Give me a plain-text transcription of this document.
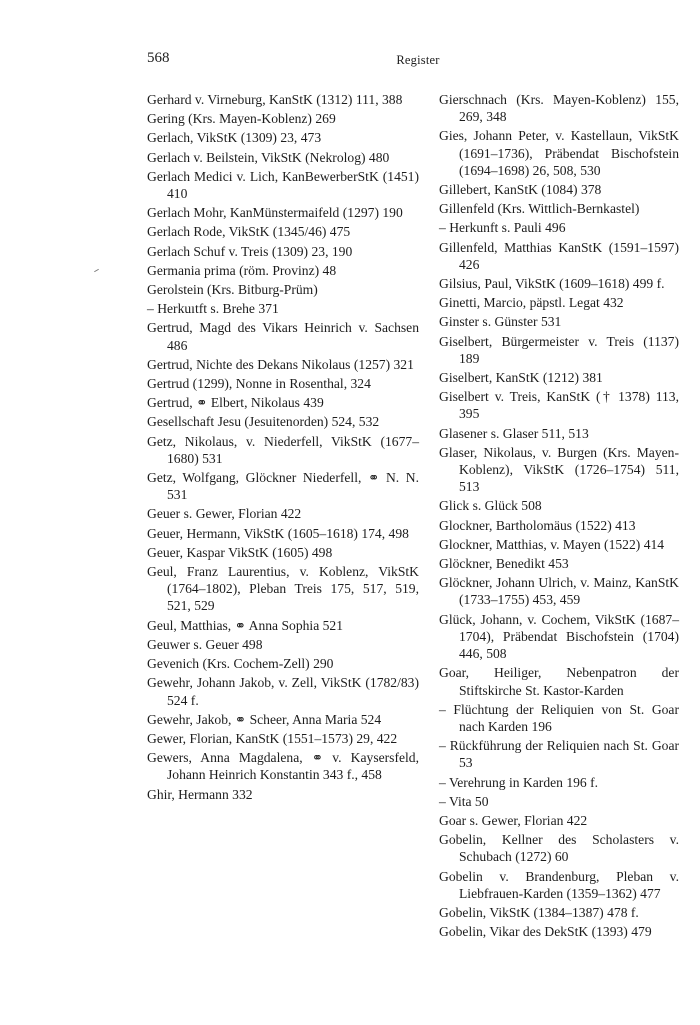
568	Register

Gerhard v. Virneburg, KanStK (1312) 111, 388

Gering (Krs. Mayen-Koblenz) 269

Gerlach, VikStK (1309) 23, 473

Gerlach v. Beilstein, VikStK (Nekrolog) 480

Gerlach Medici v. Lich, KanBewerberStK (1451) 410

Gerlach Mohr, KanMünstermaifeld (1297) 190

Gerlach Rode, VikStK (1345/46) 475

Gerlach Schuf v. Treis (1309) 23, 190

Germania prima (röm. Provinz) 48

Gerolstein (Krs. Bitburg-Prüm)

– Herkuıtft s. Brehe 371

Gertrud, Magd des Vikars Heinrich v. Sachsen 486

Gertrud, Nichte des Dekans Nikolaus (1257) 321

Gertrud (1299), Nonne in Rosenthal, 324

Gertrud, ⚭ Elbert, Nikolaus 439

Gesellschaft Jesu (Jesuitenorden) 524, 532

Getz, Nikolaus, v. Niederfell, VikStK (1677–1680) 531

Getz, Wolfgang, Glöckner Niederfell, ⚭ N. N. 531

Geuer s. Gewer, Florian 422

Geuer, Hermann, VikStK (1605–1618) 174, 498

Geuer, Kaspar VikStK (1605) 498

Geul, Franz Laurentius, v. Koblenz, VikStK (1764–1802), Pleban Treis 175, 517, 519, 521, 529

Geul, Matthias, ⚭ Anna Sophia 521

Geuwer s. Geuer 498

Gevenich (Krs. Cochem-Zell) 290

Gewehr, Johann Jakob, v. Zell, VikStK (1782/83) 524 f.

Gewehr, Jakob, ⚭ Scheer, Anna Maria 524

Gewer, Florian, KanStK (1551–1573) 29, 422

Gewers, Anna Magdalena, ⚭ v. Kaysersfeld, Johann Heinrich Konstantin 343 f., 458

Ghir, Hermann 332

Gierschnach (Krs. Mayen-Koblenz) 155, 269, 348

Gies, Johann Peter, v. Kastellaun, VikStK (1691–1736), Präbendat Bischofstein (1694–1698) 26, 508, 530

Gillebert, KanStK (1084) 378

Gillenfeld (Krs. Wittlich-Bernkastel)

– Herkunft s. Pauli 496

Gillenfeld, Matthias KanStK (1591–1597) 426

Gilsius, Paul, VikStK (1609–1618) 499 f.

Ginetti, Marcio, päpstl. Legat 432

Ginster s. Günster 531

Giselbert, Bürgermeister v. Treis (1137) 189

Giselbert, KanStK (1212) 381

Giselbert v. Treis, KanStK († 1378) 113, 395

Glasener s. Glaser 511, 513

Glaser, Nikolaus, v. Burgen (Krs. Mayen-Koblenz), VikStK (1726–1754) 511, 513

Glick s. Glück 508

Glockner, Bartholomäus (1522) 413

Glockner, Matthias, v. Mayen (1522) 414

Glöckner, Benedikt 453

Glöckner, Johann Ulrich, v. Mainz, KanStK (1733–1755) 453, 459

Glück, Johann, v. Cochem, VikStK (1687–1704), Präbendat Bischofstein (1704) 446, 508

Goar, Heiliger, Nebenpatron der Stiftskirche St. Kastor-Karden

– Flüchtung der Reliquien von St. Goar nach Karden 196

– Rückführung der Reliquien nach St. Goar 53

– Verehrung in Karden 196 f.

– Vita 50

Goar s. Gewer, Florian 422

Gobelin, Kellner des Scholasters v. Schubach (1272) 60

Gobelin v. Brandenburg, Pleban v. Liebfrauen-Karden (1359–1362) 477

Gobelin, VikStK (1384–1387) 478 f.

Gobelin, Vikar des DekStK (1393) 479
